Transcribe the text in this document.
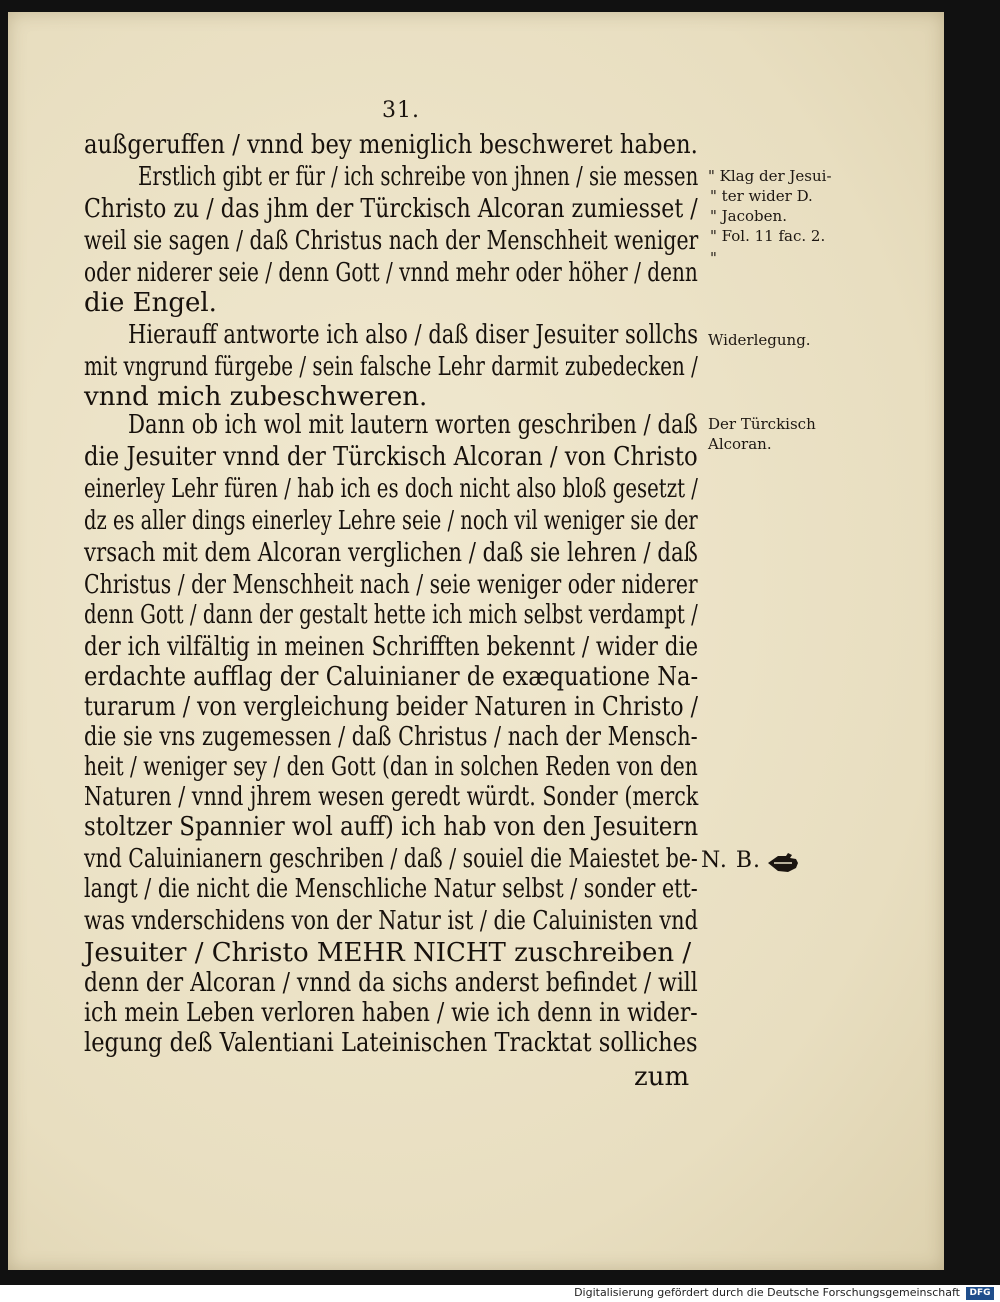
31.
außgeruffen / vnnd bey meniglich beschweret haben.
Erstlich gibt er für / ich schreibe von jhnen / sie messen
Christo zu / das jhm der Türckisch Alcoran zumiesset /
weil sie sagen / daß Christus nach der Menschheit weniger
oder niderer seie / denn Gott / vnnd mehr oder höher / denn
die Engel.
Hierauff antworte ich also / daß diser Jesuiter sollchs
mit vngrund fürgebe / sein falsche Lehr darmit zubedecken /
vnnd mich zubeschweren.
Dann ob ich wol mit lautern worten geschriben / daß
die Jesuiter vnnd der Türckisch Alcoran / von Christo
einerley Lehr füren / hab ich es doch nicht also bloß gesetzt /
dz es aller dings einerley Lehre seie / noch vil weniger sie der
vrsach mit dem Alcoran verglichen / daß sie lehren / daß
Christus / der Menschheit nach / seie weniger oder niderer
denn Gott / dann der gestalt hette ich mich selbst verdampt /
der ich vilfältig in meinen Schrifften bekennt / wider die
erdachte aufflag der Caluinianer de exæquatione Na-
turarum / von vergleichung beider Naturen in Christo /
die sie vns zugemessen / daß Christus / nach der Mensch-
heit / weniger sey / den Gott (dan in solchen Reden von den
Naturen / vnnd jhrem wesen geredt würdt. Sonder (merck
stoltzer Spannier wol auff) ich hab von den Jesuitern
vnd Caluinianern geschriben / daß / souiel die Maiestet be-
langt / die nicht die Menschliche Natur selbst / sonder ett-
was vnderschidens von der Natur ist / die Caluinisten vnd
Jesuiter / Christo MEHR NICHT zuschreiben /
denn der Alcoran / vnnd da sichs anderst befindet / will
ich mein Leben verloren haben / wie ich denn in wider-
legung deß Valentiani Lateinischen Tracktat solliches
zum
" Klag der Jesui-
" ter wider D.
" Jacoben.
" Fol. 11 fac. 2.
"
Widerlegung.
Der Türckisch
Alcoran.
N. B.
Digitalisierung gefördert durch die Deutsche Forschungsgemeinschaft	DFG
